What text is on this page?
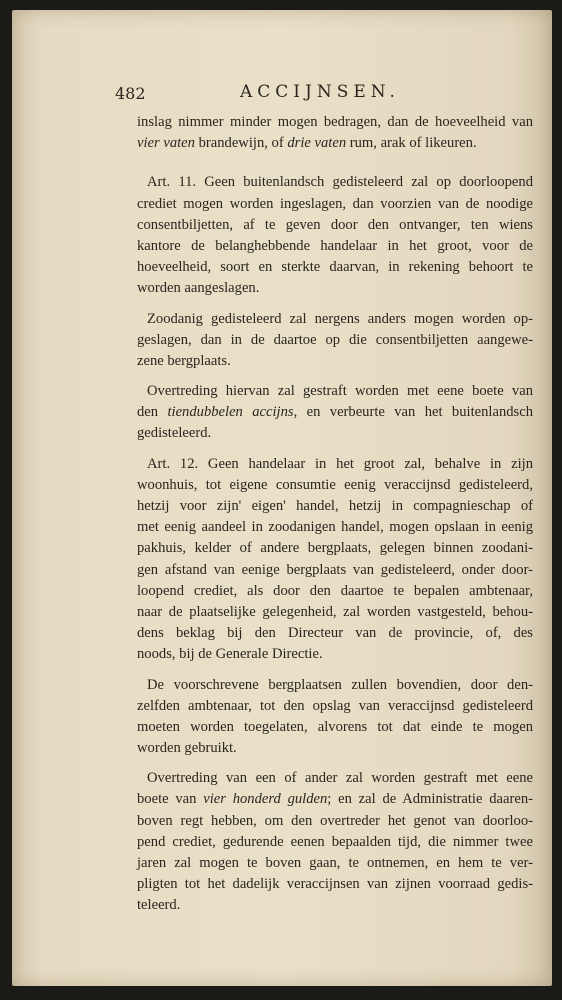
482	ACCIJNSEN.
inslag nimmer minder mogen bedragen, dan de hoeveelheid van
vier vaten brandewijn, of drie vaten rum, arak of likeuren.
Art. 11. Geen buitenlandsch gedisteleerd zal op doorloopend
crediet mogen worden ingeslagen, dan voorzien van de noodige
consentbiljetten, af te geven door den ontvanger, ten wiens
kantore de belanghebbende handelaar in het groot, voor de
hoeveelheid, soort en sterkte daarvan, in rekening behoort te
worden aangeslagen.
Zoodanig gedisteleerd zal nergens anders mogen worden op-
geslagen, dan in de daartoe op die consentbiljetten aangewe-
zene bergplaats.
Overtreding hiervan zal gestraft worden met eene boete van
den tiendubbelen accijns, en verbeurte van het buitenlandsch
gedisteleerd.
Art. 12. Geen handelaar in het groot zal, behalve in zijn
woonhuis, tot eigene consumtie eenig veraccijnsd gedisteleerd,
hetzij voor zijn' eigen' handel, hetzij in compagnieschap of
met eenig aandeel in zoodanigen handel, mogen opslaan in eenig
pakhuis, kelder of andere bergplaats, gelegen binnen zoodani-
gen afstand van eenige bergplaats van gedisteleerd, onder door-
loopend crediet, als door den daartoe te bepalen ambtenaar,
naar de plaatselijke gelegenheid, zal worden vastgesteld, behou-
dens beklag bij den Directeur van de provincie, of, des
noods, bij de Generale Directie.
De voorschrevene bergplaatsen zullen bovendien, door den-
zelfden ambtenaar, tot den opslag van veraccijnsd gedisteleerd
moeten worden toegelaten, alvorens tot dat einde te mogen
worden gebruikt.
Overtreding van een of ander zal worden gestraft met eene
boete van vier honderd gulden; en zal de Administratie daaren-
boven regt hebben, om den overtreder het genot van doorloo-
pend crediet, gedurende eenen bepaalden tijd, die nimmer twee
jaren zal mogen te boven gaan, te ontnemen, en hem te ver-
pligten tot het dadelijk veraccijnsen van zijnen voorraad gedis-
teleerd.
